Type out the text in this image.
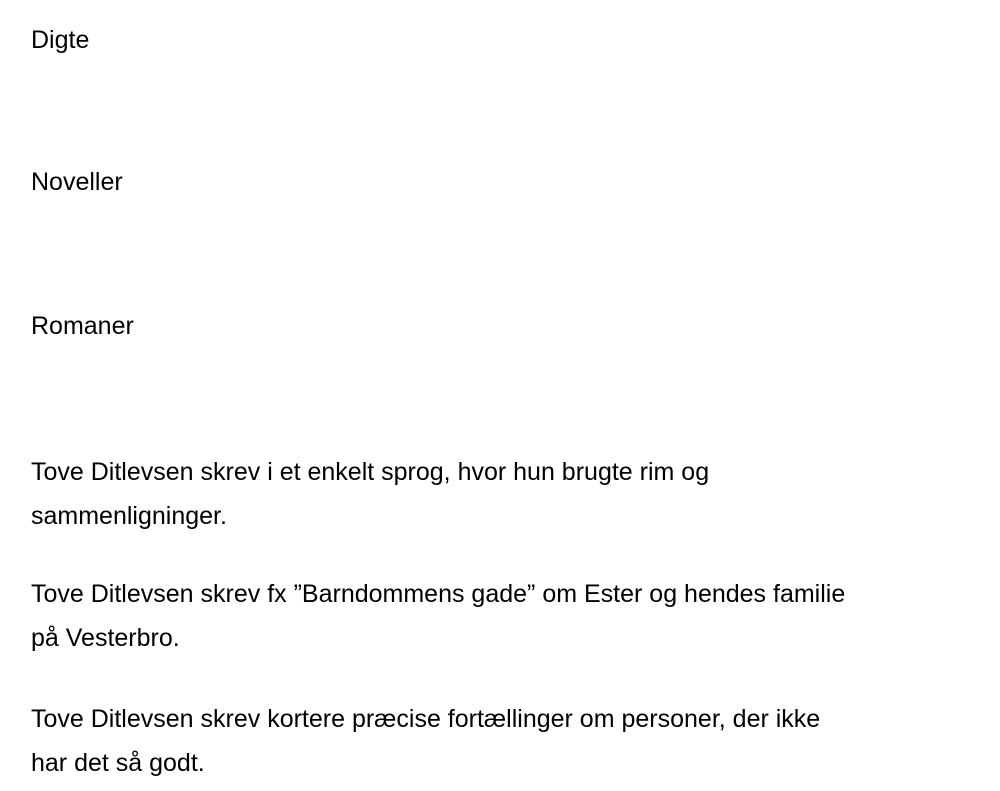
Digte
Noveller
Romaner

Tove Ditlevsen skrev i et enkelt sprog, hvor hun brugte rim og
sammenligninger.

Tove Ditlevsen skrev fx ”Barndommens gade” om Ester og hendes familie
på Vesterbro.

Tove Ditlevsen skrev kortere præcise fortællinger om personer, der ikke
har det så godt.
